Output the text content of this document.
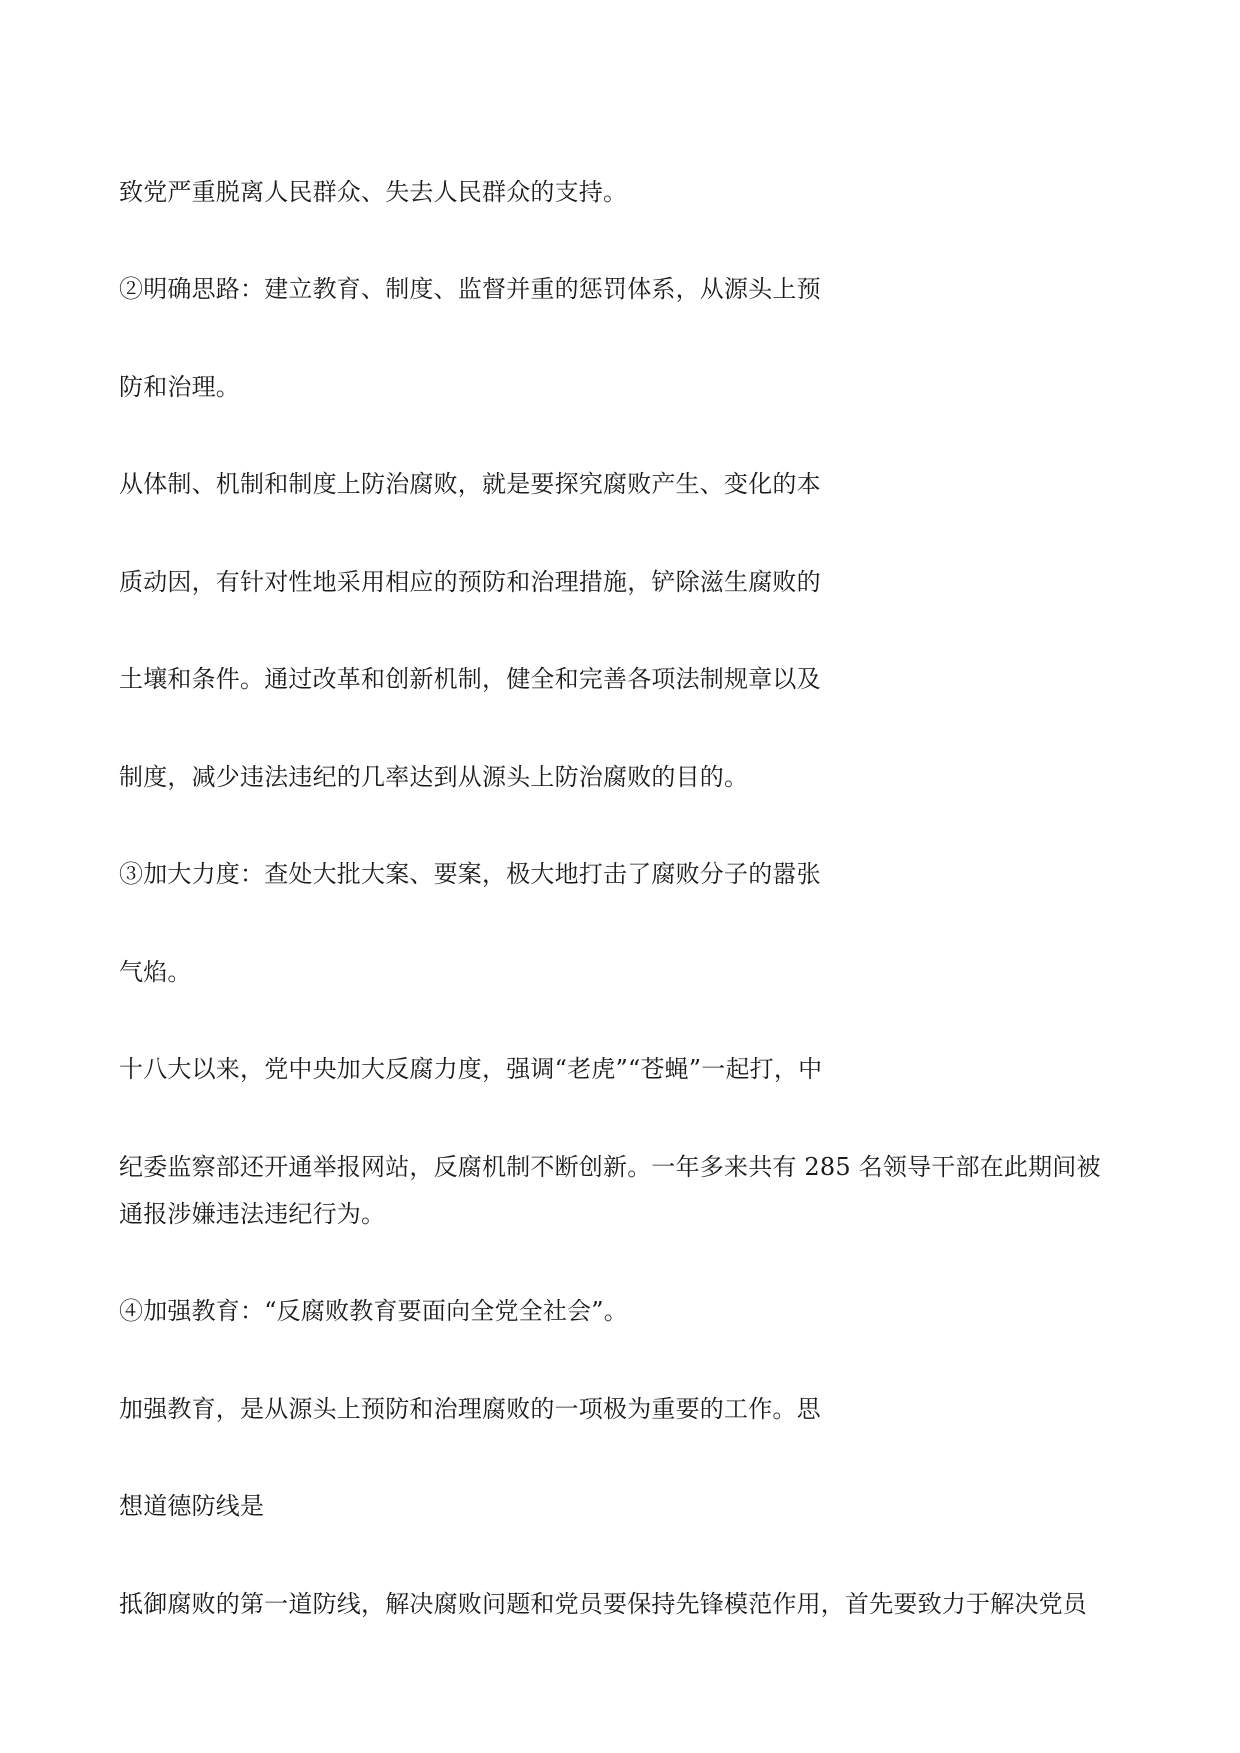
致党严重脱离人民群众、失去人民群众的支持。

②明确思路：建立教育、制度、监督并重的惩罚体系，从源头上预

防和治理。

从体制、机制和制度上防治腐败，就是要探究腐败产生、变化的本

质动因，有针对性地采用相应的预防和治理措施，铲除滋生腐败的

土壤和条件。通过改革和创新机制，健全和完善各项法制规章以及

制度，减少违法违纪的几率达到从源头上防治腐败的目的。

③加大力度：查处大批大案、要案，极大地打击了腐败分子的嚣张

气焰。

十八大以来，党中央加大反腐力度，强调“老虎”“苍蝇”一起打，中

纪委监察部还开通举报网站，反腐机制不断创新。一年多来共有 285 名领导干部在此期间被

通报涉嫌违法违纪行为。

④加强教育：“反腐败教育要面向全党全社会”。

加强教育，是从源头上预防和治理腐败的一项极为重要的工作。思

想道德防线是

抵御腐败的第一道防线，解决腐败问题和党员要保持先锋模范作用，首先要致力于解决党员
